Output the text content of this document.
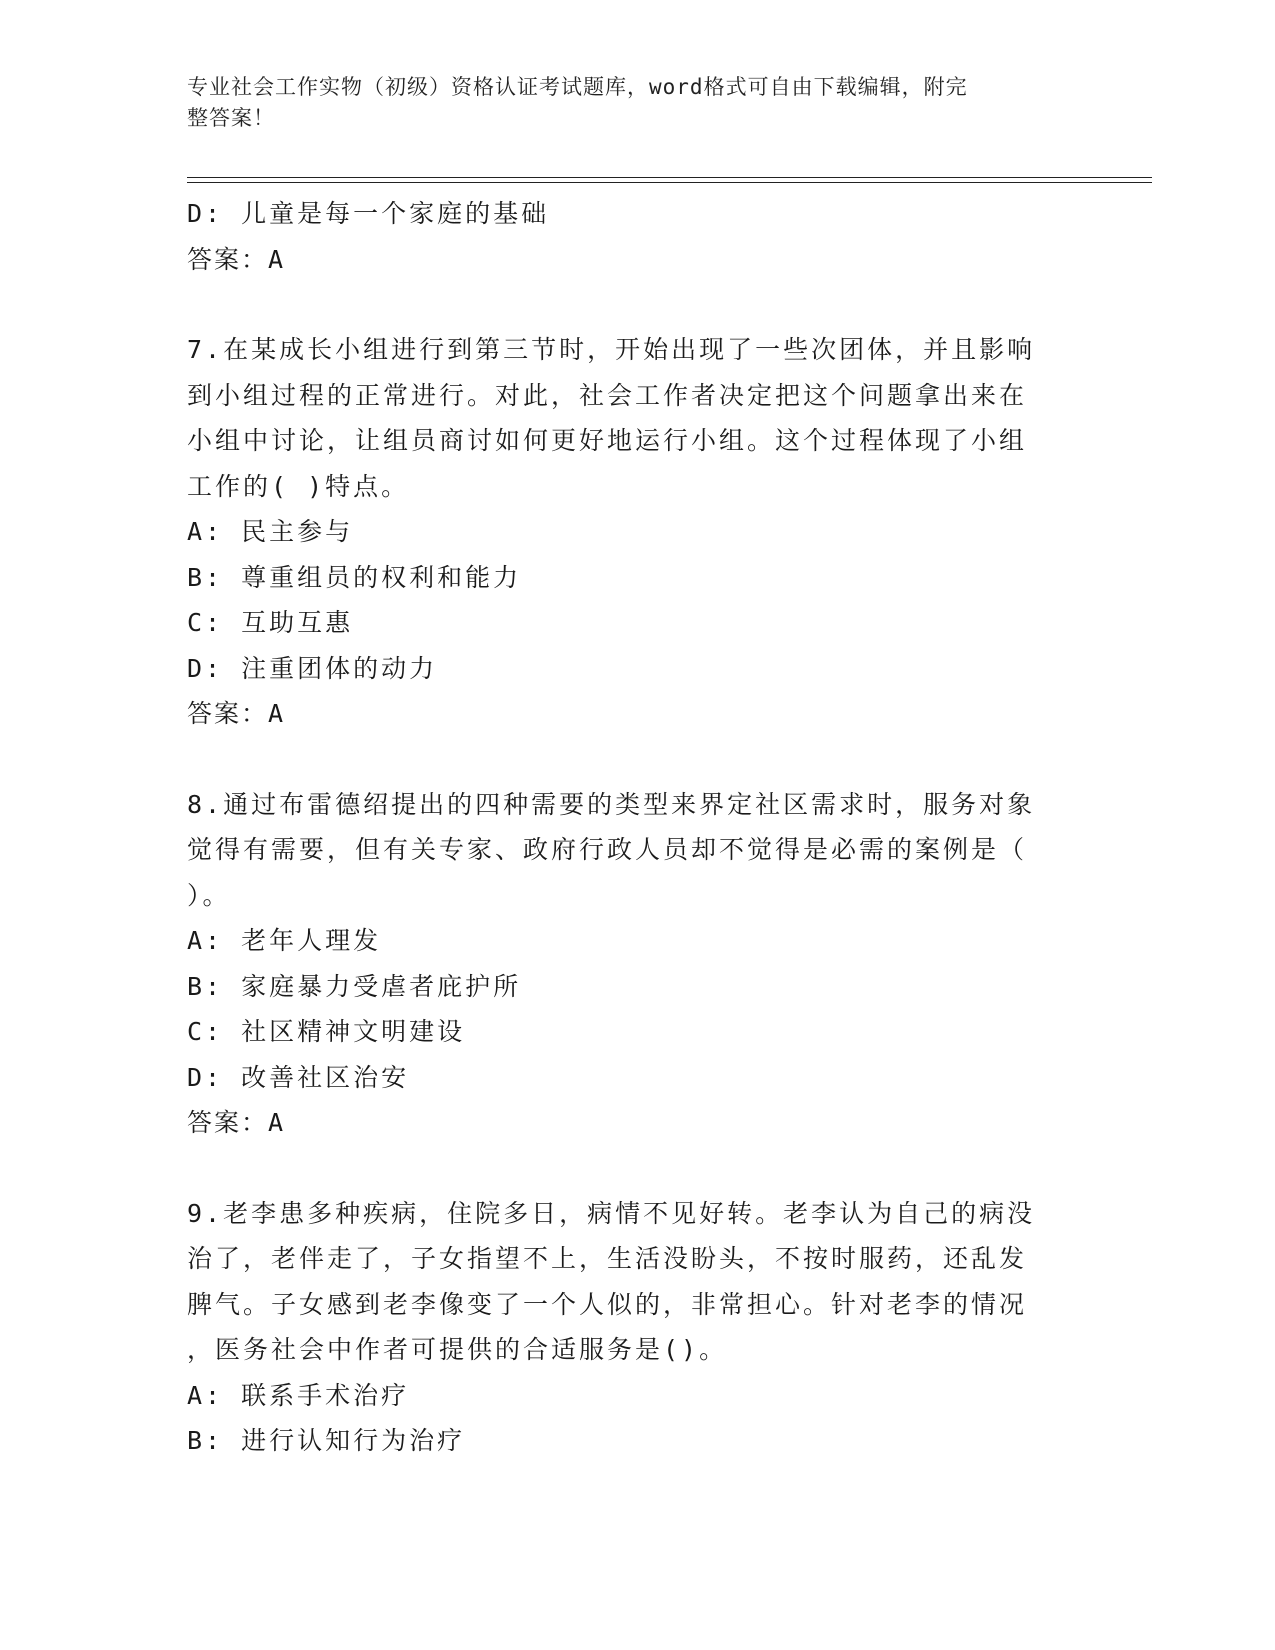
专业社会工作实物（初级）资格认证考试题库，word格式可自由下载编辑，附完
整答案！
D: 儿童是每一个家庭的基础
答案：A
7.在某成长小组进行到第三节时，开始出现了一些次团体，并且影响
到小组过程的正常进行。对此，社会工作者决定把这个问题拿出来在
小组中讨论，让组员商讨如何更好地运行小组。这个过程体现了小组
工作的( )特点。
A: 民主参与
B: 尊重组员的权利和能力
C: 互助互惠
D: 注重团体的动力
答案：A
8.通过布雷德绍提出的四种需要的类型来界定社区需求时，服务对象
觉得有需要，但有关专家、政府行政人员却不觉得是必需的案例是（
）。
A: 老年人理发
B: 家庭暴力受虐者庇护所
C: 社区精神文明建设
D: 改善社区治安
答案：A
9.老李患多种疾病，住院多日，病情不见好转。老李认为自己的病没
治了，老伴走了，子女指望不上，生活没盼头，不按时服药，还乱发
脾气。子女感到老李像变了一个人似的，非常担心。针对老李的情况
，医务社会中作者可提供的合适服务是()。
A: 联系手术治疗
B: 进行认知行为治疗
